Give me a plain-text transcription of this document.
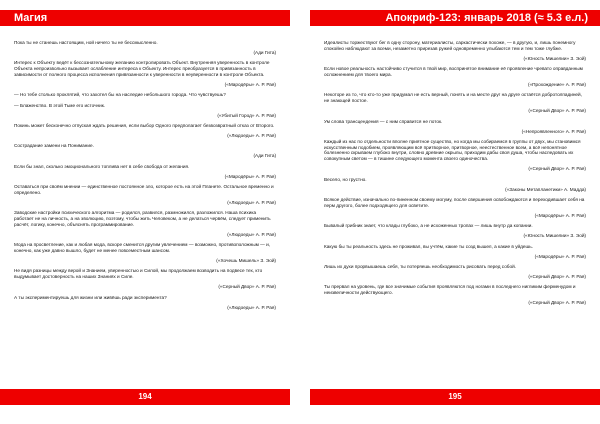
Магия

Пока ты не станешь настоящим, ной ничего ты не бессмысленно.

(Ади Гита)

Интерес к Объекту ведёт к бессознательному желанию контролировать Объект. Внутренняя уверенность в контроле Объекта непроизвольно вызывает ослабление интереса к Объекту. Интерес преобразуется в привязанность в зависимости от полного процесса исполнения привязанности к уверенности в неуверенности в контроле Объекта.

(«Мародёры» А. Р. Рая)

— Но тебе столько проклятий, что захотел бы на наследие небольшого города. Что чувствуешь?

— Блаженство. В этой Тьме его источник.

(«Убитый Город» А. Р. Рая)

Покинь может бесконечно отпуская ждать решения, если выбор Одного предполагает безвозвратный отказ от Второго.

(«Людоеды» А. Р. Рая)

Сострадание замени на Понимание.

(Ади Гита)

Если бы знал, сколько эмоционального топлива нет в себе свобода от желания.

(«Мародёры» А. Р. Рая)

Оставаться при своём мнении — единственное постоянное зло, которое есть на этой Планете. Остальное временно и определено.

(«Людоеды» А. Р. Рая)

Заводские настройки психического алгоритма — родился, развился, размножился, разложился. Наша психика работает не на личность, а на эволюцию, поэтому, чтобы жить Человеком, а не делаться червём, следует применить расчёт, логику, конечно, объяснять программирование.

(«Людоеды» А. Р. Рая)

Мода на просветление, как и любая мода, вскоре сменится другим увлечением — возможно, противоположным — и, конечно, как уже давно вышло, будет не менее повсеместным шансом.

(«Хочешь Мишель» З. Эой)

Не видя разницы между верой и Знанием, уверенностью и Силой, мы продолжаем возводить на подвесе тех, кто выдумывает достоверность на наших Знаниях и Силе.

(«Серный Двор» А. Р. Рая)

А ты экспериментируешь для жизни или живёшь ради эксперимента?

(«Людоеды» А. Р. Рая)

194
Апокриф-123: январь 2018 (≈ 5.3 е.л.)

Идеалисты торжествуют бег в одну сторону, материалисты, саркастически похоже, — в другую, и, лишь понемногу спокойно наблюдают за всеми, незаметно прирезав ружей одновременно улыбаются тем и тем тоже глубже.

(«Юность Мишелии» З. Эой)

Если новое реальность настойчиво стучится в твой мир, воспринятое внимание её проявление чревато оправданным осложнением для твоего мира.

(«Прохождение» А. Р. Рая)

Некоторе из то, что кто-то уже придумал не есть верный, понять и на месте друг на друге остаётся добротолпадиней, не знающей постое.

(«Серный Двор» А. Р. Рая)

Ум слова трансцендения — с ним справится не поток.

(«Непроявленного» А. Р. Рая)

Каждый из нас по отдельности вполне приятное существо, но когда мы собираемся в группы от двух, мы становимся искусственным подобием, проявляющим всё притворное, притворное, неестественное всем, а всё непонятное болезненно скрываем глубоко внутри, словно древние окрылы, приходим дабы своя душа, чтобы наследовать их совокупным светом — в тишине следующего момента своего одиночества.

(«Серный Двор» А. Р. Рая)

Весело, но грустно.

(«Законы Метапланетики» А. Мадда)

Всякое действие, изначально по-пиненном своему могуму, после свершения освобождаются и переходившает себя на перм другого, более подходящего для осветите.

(«Мародёры» А. Р. Рая)

Бывалый грибник знает, что клады глубоко, а не исхоженных тропах — лишь внутр да копании.

(«Юность Мишелии» З. Эой)

Какую бы ты реальность здесь не проживал, вы учтём, какие ты созд вышел, а какие в уйдешь.

(«Мародёры» А. Р. Рая)

Лишь их духи прорвышаешь себя, ты потеряешь необходимость рисовать перед собой.

(«Серный Двор» А. Р. Рая)

Ты прервал на уровень, где все значимые события проявляются под ногами в последнего нигликим ферменудом и неизвеличности действующего.

(«Серный Двор» А. Р. Рая)

195
